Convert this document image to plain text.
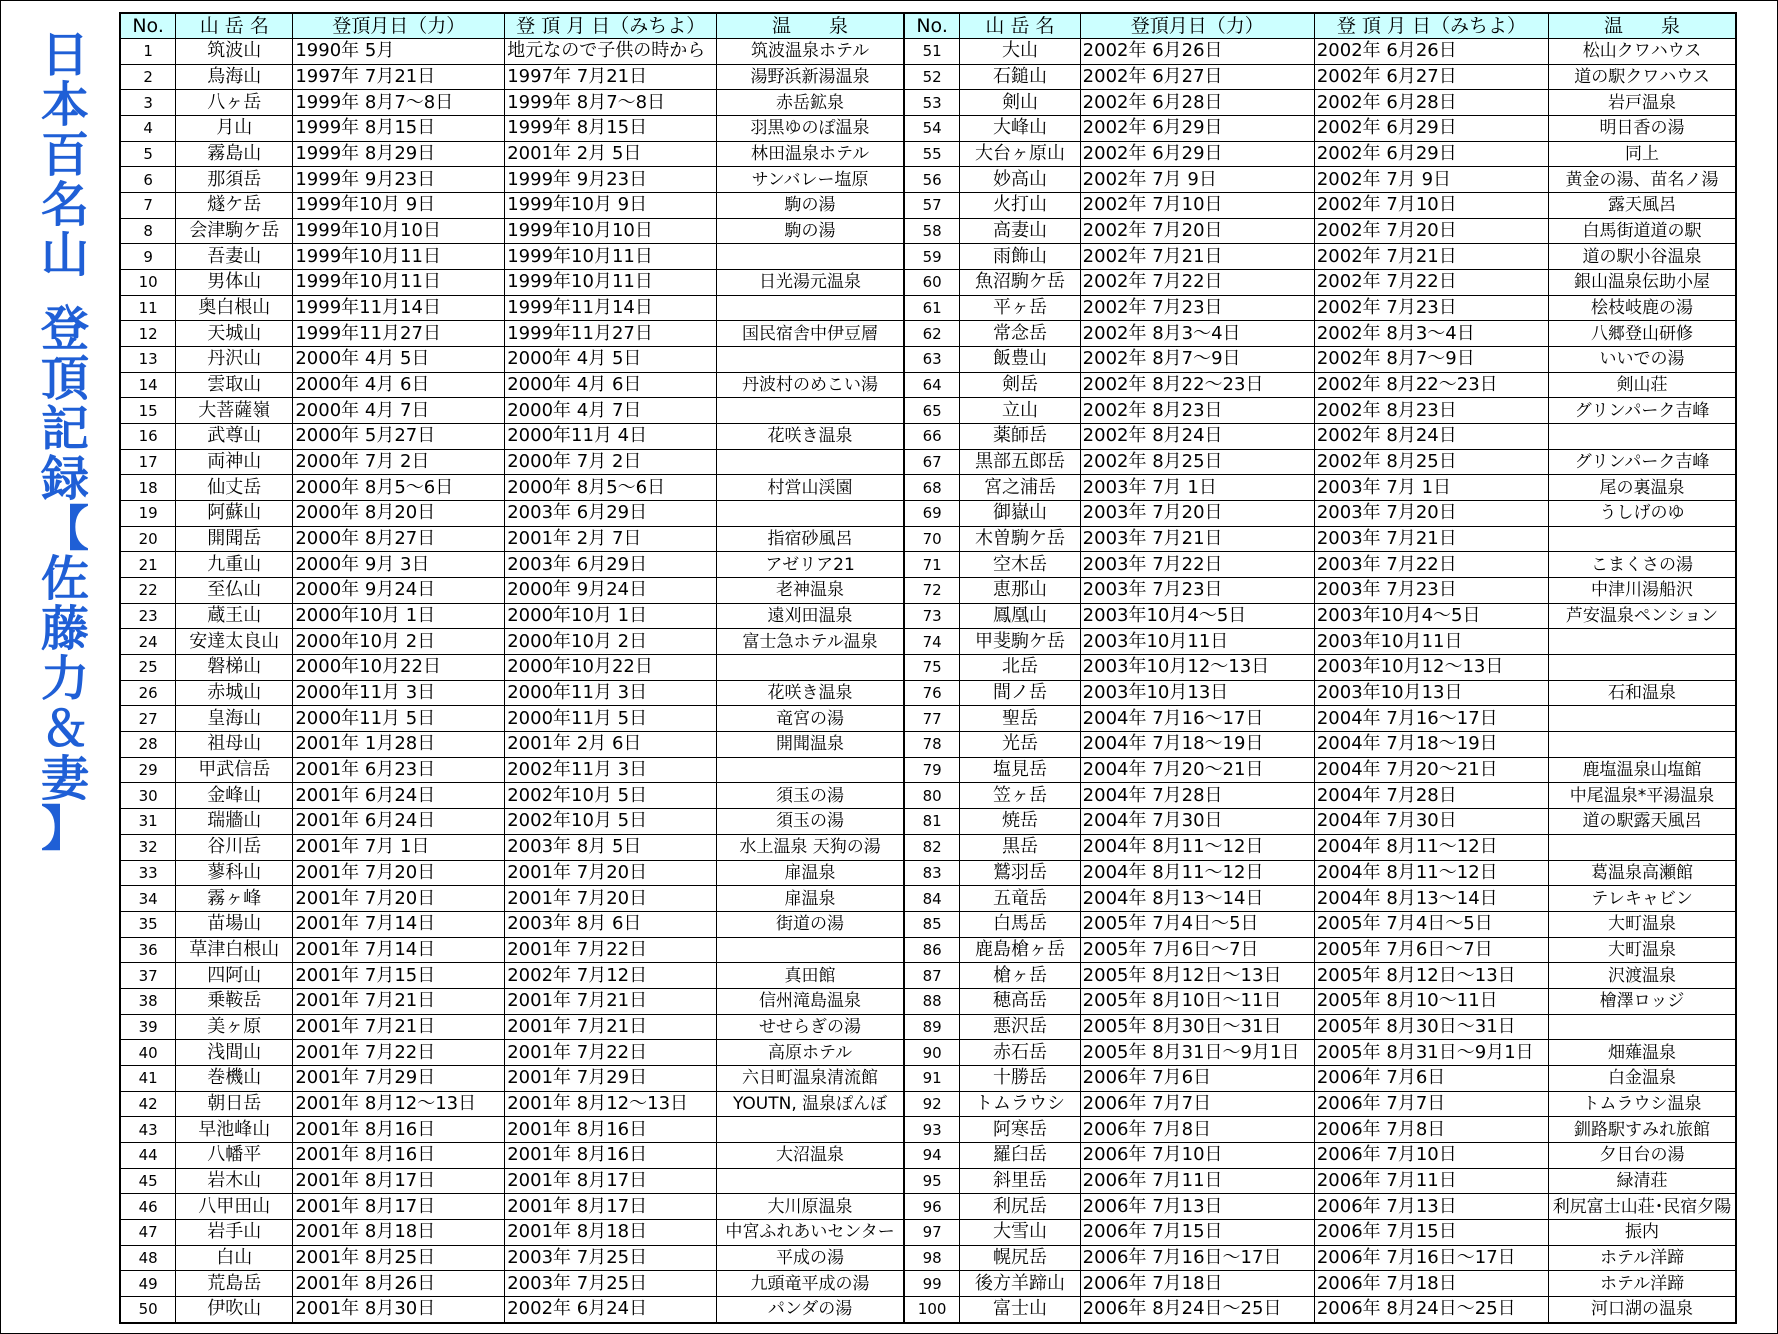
日
本
百
名
山
登
頂
記
録
【
佐
藤
力
＆
妻
】
No.	山 岳 名	登頂月日（力）	登 頂 月 日（みちよ）	温　　泉	No.	山 岳 名	登頂月日（力）	登 頂 月 日（みちよ）	温　　泉
1	筑波山	1990年 5月	地元なので子供の時から	筑波温泉ホテル	51	大山	2002年 6月26日	2002年 6月26日	松山クワハウス
2	鳥海山	1997年 7月21日	1997年 7月21日	湯野浜新湯温泉	52	石鎚山	2002年 6月27日	2002年 6月27日	道の駅クワハウス
3	八ヶ岳	1999年 8月7〜8日	1999年 8月7〜8日	赤岳鉱泉	53	剣山	2002年 6月28日	2002年 6月28日	岩戸温泉
4	月山	1999年 8月15日	1999年 8月15日	羽黒ゆのぽ温泉	54	大峰山	2002年 6月29日	2002年 6月29日	明日香の湯
5	霧島山	1999年 8月29日	2001年 2月 5日	林田温泉ホテル	55	大台ヶ原山	2002年 6月29日	2002年 6月29日	同上
6	那須岳	1999年 9月23日	1999年 9月23日	サンバレー塩原	56	妙高山	2002年 7月 9日	2002年 7月 9日	黄金の湯、苗名ノ湯
7	燧ケ岳	1999年10月 9日	1999年10月 9日	駒の湯	57	火打山	2002年 7月10日	2002年 7月10日	露天風呂
8	会津駒ケ岳	1999年10月10日	1999年10月10日	駒の湯	58	高妻山	2002年 7月20日	2002年 7月20日	白馬街道道の駅
9	吾妻山	1999年10月11日	1999年10月11日		59	雨飾山	2002年 7月21日	2002年 7月21日	道の駅小谷温泉
10	男体山	1999年10月11日	1999年10月11日	日光湯元温泉	60	魚沼駒ケ岳	2002年 7月22日	2002年 7月22日	銀山温泉伝助小屋
11	奥白根山	1999年11月14日	1999年11月14日		61	平ヶ岳	2002年 7月23日	2002年 7月23日	桧枝岐鹿の湯
12	天城山	1999年11月27日	1999年11月27日	国民宿舎中伊豆層	62	常念岳	2002年 8月3〜4日	2002年 8月3〜4日	八郷登山研修
13	丹沢山	2000年 4月 5日	2000年 4月 5日		63	飯豊山	2002年 8月7〜9日	2002年 8月7〜9日	いいでの湯
14	雲取山	2000年 4月 6日	2000年 4月 6日	丹波村のめこい湯	64	剣岳	2002年 8月22〜23日	2002年 8月22〜23日	剣山荘
15	大菩薩嶺	2000年 4月 7日	2000年 4月 7日		65	立山	2002年 8月23日	2002年 8月23日	グリンパーク吉峰
16	武尊山	2000年 5月27日	2000年11月 4日	花咲き温泉	66	薬師岳	2002年 8月24日	2002年 8月24日	
17	両神山	2000年 7月 2日	2000年 7月 2日		67	黒部五郎岳	2002年 8月25日	2002年 8月25日	グリンパーク吉峰
18	仙丈岳	2000年 8月5〜6日	2000年 8月5〜6日	村営山渓園	68	宮之浦岳	2003年 7月 1日	2003年 7月 1日	尾の裏温泉
19	阿蘇山	2000年 8月20日	2003年 6月29日		69	御嶽山	2003年 7月20日	2003年 7月20日	うしげのゆ
20	開聞岳	2000年 8月27日	2001年 2月 7日	指宿砂風呂	70	木曽駒ケ岳	2003年 7月21日	2003年 7月21日	
21	九重山	2000年 9月 3日	2003年 6月29日	アゼリア21	71	空木岳	2003年 7月22日	2003年 7月22日	こまくさの湯
22	至仏山	2000年 9月24日	2000年 9月24日	老神温泉	72	恵那山	2003年 7月23日	2003年 7月23日	中津川湯船沢
23	蔵王山	2000年10月 1日	2000年10月 1日	遠刈田温泉	73	鳳凰山	2003年10月4〜5日	2003年10月4〜5日	芦安温泉ペンション
24	安達太良山	2000年10月 2日	2000年10月 2日	富士急ホテル温泉	74	甲斐駒ケ岳	2003年10月11日	2003年10月11日	
25	磐梯山	2000年10月22日	2000年10月22日		75	北岳	2003年10月12〜13日	2003年10月12〜13日	
26	赤城山	2000年11月 3日	2000年11月 3日	花咲き温泉	76	間ノ岳	2003年10月13日	2003年10月13日	石和温泉
27	皇海山	2000年11月 5日	2000年11月 5日	竜宮の湯	77	聖岳	2004年 7月16〜17日	2004年 7月16〜17日	
28	祖母山	2001年 1月28日	2001年 2月 6日	開聞温泉	78	光岳	2004年 7月18〜19日	2004年 7月18〜19日	
29	甲武信岳	2001年 6月23日	2002年11月 3日		79	塩見岳	2004年 7月20〜21日	2004年 7月20〜21日	鹿塩温泉山塩館
30	金峰山	2001年 6月24日	2002年10月 5日	須玉の湯	80	笠ヶ岳	2004年 7月28日	2004年 7月28日	中尾温泉*平湯温泉
31	瑞牆山	2001年 6月24日	2002年10月 5日	須玉の湯	81	焼岳	2004年 7月30日	2004年 7月30日	道の駅露天風呂
32	谷川岳	2001年 7月 1日	2003年 8月 5日	水上温泉 天狗の湯	82	黒岳	2004年 8月11〜12日	2004年 8月11〜12日	
33	蓼科山	2001年 7月20日	2001年 7月20日	扉温泉	83	鷲羽岳	2004年 8月11〜12日	2004年 8月11〜12日	葛温泉高瀬館
34	霧ヶ峰	2001年 7月20日	2001年 7月20日	扉温泉	84	五竜岳	2004年 8月13〜14日	2004年 8月13〜14日	テレキャビン
35	苗場山	2001年 7月14日	2003年 8月 6日	街道の湯	85	白馬岳	2005年 7月4日〜5日	2005年 7月4日〜5日	大町温泉
36	草津白根山	2001年 7月14日	2001年 7月22日		86	鹿島槍ヶ岳	2005年 7月6日〜7日	2005年 7月6日〜7日	大町温泉
37	四阿山	2001年 7月15日	2002年 7月12日	真田館	87	槍ヶ岳	2005年 8月12日〜13日	2005年 8月12日〜13日	沢渡温泉
38	乗鞍岳	2001年 7月21日	2001年 7月21日	信州滝島温泉	88	穂高岳	2005年 8月10日〜11日	2005年 8月10〜11日	檜澤ロッジ
39	美ヶ原	2001年 7月21日	2001年 7月21日	せせらぎの湯	89	悪沢岳	2005年 8月30日〜31日	2005年 8月30日〜31日	
40	浅間山	2001年 7月22日	2001年 7月22日	高原ホテル	90	赤石岳	2005年 8月31日〜9月1日	2005年 8月31日〜9月1日	畑薙温泉
41	巻機山	2001年 7月29日	2001年 7月29日	六日町温泉清流館	91	十勝岳	2006年 7月6日	2006年 7月6日	白金温泉
42	朝日岳	2001年 8月12〜13日	2001年 8月12〜13日	YOUTN, 温泉ぽんぼ	92	トムラウシ	2006年 7月7日	2006年 7月7日	トムラウシ温泉
43	早池峰山	2001年 8月16日	2001年 8月16日		93	阿寒岳	2006年 7月8日	2006年 7月8日	釧路駅すみれ旅館
44	八幡平	2001年 8月16日	2001年 8月16日	大沼温泉	94	羅臼岳	2006年 7月10日	2006年 7月10日	夕日台の湯
45	岩木山	2001年 8月17日	2001年 8月17日		95	斜里岳	2006年 7月11日	2006年 7月11日	緑清荘
46	八甲田山	2001年 8月17日	2001年 8月17日	大川原温泉	96	利尻岳	2006年 7月13日	2006年 7月13日	利尻富士山荘･民宿夕陽
47	岩手山	2001年 8月18日	2001年 8月18日	中宮ふれあいセンター	97	大雪山	2006年 7月15日	2006年 7月15日	振内
48	白山	2001年 8月25日	2003年 7月25日	平成の湯	98	幌尻岳	2006年 7月16日〜17日	2006年 7月16日〜17日	ホテル洋蹄
49	荒島岳	2001年 8月26日	2003年 7月25日	九頭竜平成の湯	99	後方羊蹄山	2006年 7月18日	2006年 7月18日	ホテル洋蹄
50	伊吹山	2001年 8月30日	2002年 6月24日	パンダの湯	100	富士山	2006年 8月24日〜25日	2006年 8月24日〜25日	河口湖の温泉
